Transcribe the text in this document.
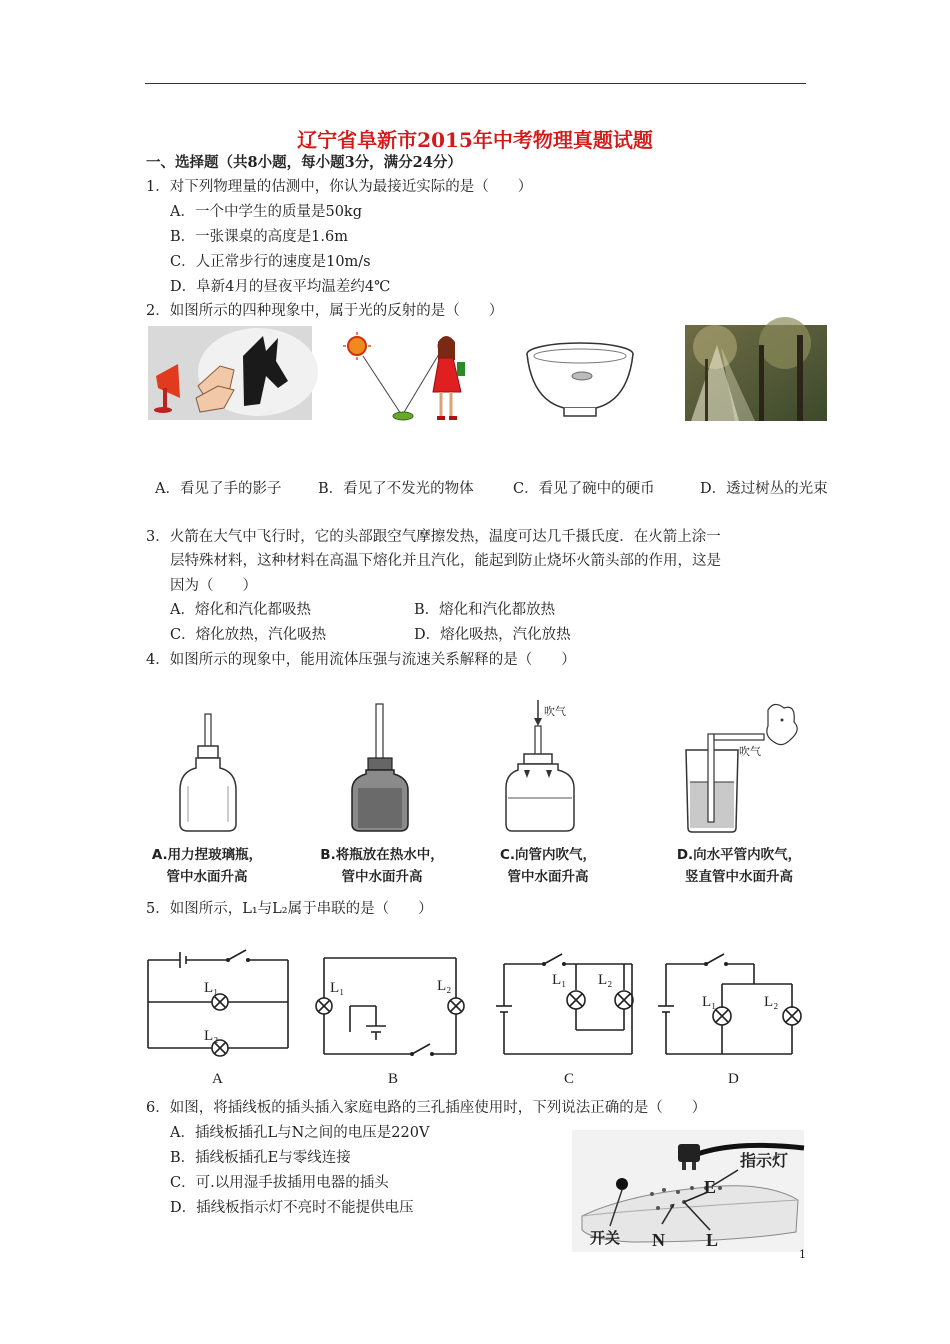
辽宁省阜新市2015年中考物理真题试题
一、选择题（共8小题，每小题3分，满分24分）
1．对下列物理量的估测中，你认为最接近实际的是（　　）
A．一个中学生的质量是50kg
B．一张课桌的高度是1.6m
C．人正常步行的速度是10m/s
D．阜新4月的昼夜平均温差约4℃
2．如图所示的四种现象中，属于光的反射的是（　　）
A．看见了手的影子	B．看见了不发光的物体	C．看见了碗中的硬币	D．透过树丛的光束
3．火箭在大气中飞行时，它的头部跟空气摩擦发热，温度可达几千摄氏度．在火箭上涂一
层特殊材料，这种材料在高温下熔化并且汽化，能起到防止烧坏火箭头部的作用，这是
因为（　　）
A．熔化和汽化都吸热	B．熔化和汽化都放热
C．熔化放热，汽化吸热	D．熔化吸热，汽化放热
4．如图所示的现象中，能用流体压强与流速关系解释的是（　　）
吹气
吹气
A.用力捏玻璃瓶，
管中水面升高
B.将瓶放在热水中，
管中水面升高
C.向管内吹气，
管中水面升高
D.向水平管内吹气，
竖直管中水面升高
5．如图所示，L₁与L₂属于串联的是（　　）
L₁
L₂
A
L₁	L₂
B
L₁ L₂
C
L₁	L₂
D
6．如图，将插线板的插头插入家庭电路的三孔插座使用时，下列说法正确的是（　　）
A．插线板插孔L与N之间的电压是220V
B．插线板插孔E与零线连接
C．可.以用湿手拔插用电器的插头
D．插线板指示灯不亮时不能提供电压
指示灯
开关
E
N L
1
